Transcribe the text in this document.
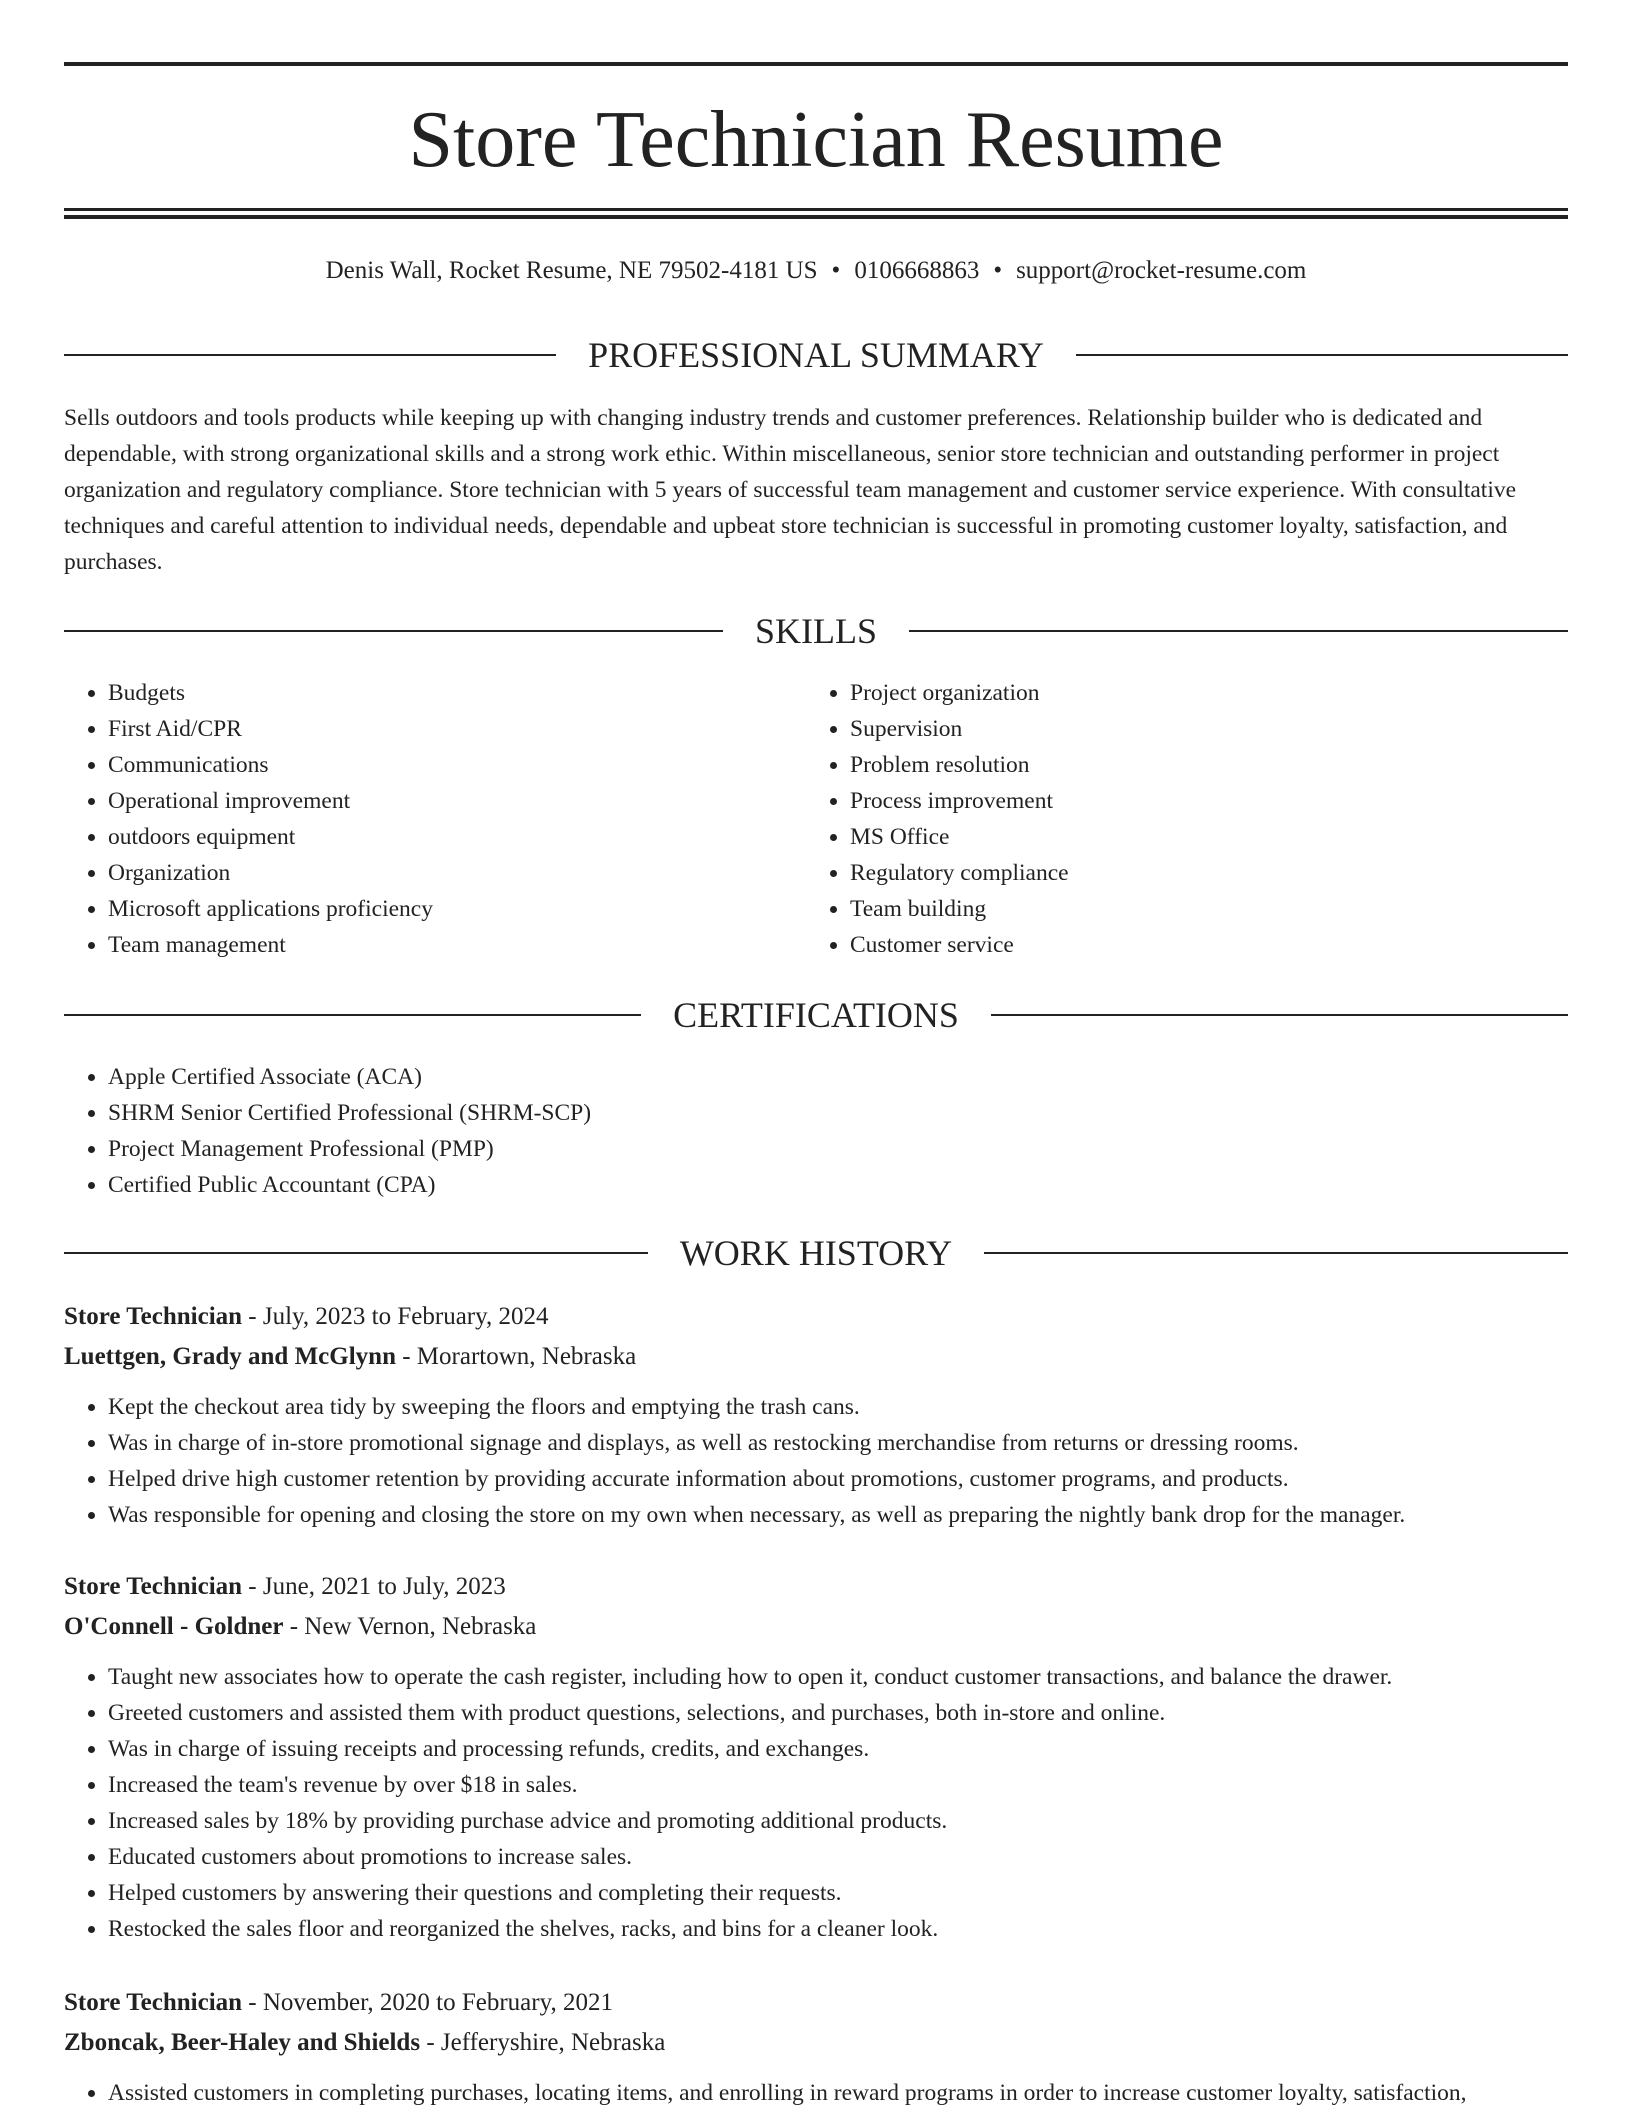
Store Technician Resume
Denis Wall, Rocket Resume, NE 79502-4181 US • 0106668863 • support@rocket-resume.com
PROFESSIONAL SUMMARY

Sells outdoors and tools products while keeping up with changing industry trends and customer preferences. Relationship builder who is dedicated and dependable, with strong organizational skills and a strong work ethic. Within miscellaneous, senior store technician and outstanding performer in project organization and regulatory compliance. Store technician with 5 years of successful team management and customer service experience. With consultative techniques and careful attention to individual needs, dependable and upbeat store technician is successful in promoting customer loyalty, satisfaction, and purchases.

SKILLS
• Budgets
• First Aid/CPR
• Communications
• Operational improvement
• outdoors equipment
• Organization
• Microsoft applications proficiency
• Team management
• Project organization
• Supervision
• Problem resolution
• Process improvement
• MS Office
• Regulatory compliance
• Team building
• Customer service
CERTIFICATIONS
• Apple Certified Associate (ACA)
• SHRM Senior Certified Professional (SHRM-SCP)
• Project Management Professional (PMP)
• Certified Public Accountant (CPA)
WORK HISTORY
Store Technician - July, 2023 to February, 2024
Luettgen, Grady and McGlynn - Morartown, Nebraska
• Kept the checkout area tidy by sweeping the floors and emptying the trash cans.
• Was in charge of in-store promotional signage and displays, as well as restocking merchandise from returns or dressing rooms.
• Helped drive high customer retention by providing accurate information about promotions, customer programs, and products.
• Was responsible for opening and closing the store on my own when necessary, as well as preparing the nightly bank drop for the manager.
Store Technician - June, 2021 to July, 2023
O'Connell - Goldner - New Vernon, Nebraska
• Taught new associates how to operate the cash register, including how to open it, conduct customer transactions, and balance the drawer.
• Greeted customers and assisted them with product questions, selections, and purchases, both in-store and online.
• Was in charge of issuing receipts and processing refunds, credits, and exchanges.
• Increased the team's revenue by over $18 in sales.
• Increased sales by 18% by providing purchase advice and promoting additional products.
• Educated customers about promotions to increase sales.
• Helped customers by answering their questions and completing their requests.
• Restocked the sales floor and reorganized the shelves, racks, and bins for a cleaner look.
Store Technician - November, 2020 to February, 2021
Zboncak, Beer-Haley and Shields - Jefferyshire, Nebraska
• Assisted customers in completing purchases, locating items, and enrolling in reward programs in order to increase customer loyalty, satisfaction,
